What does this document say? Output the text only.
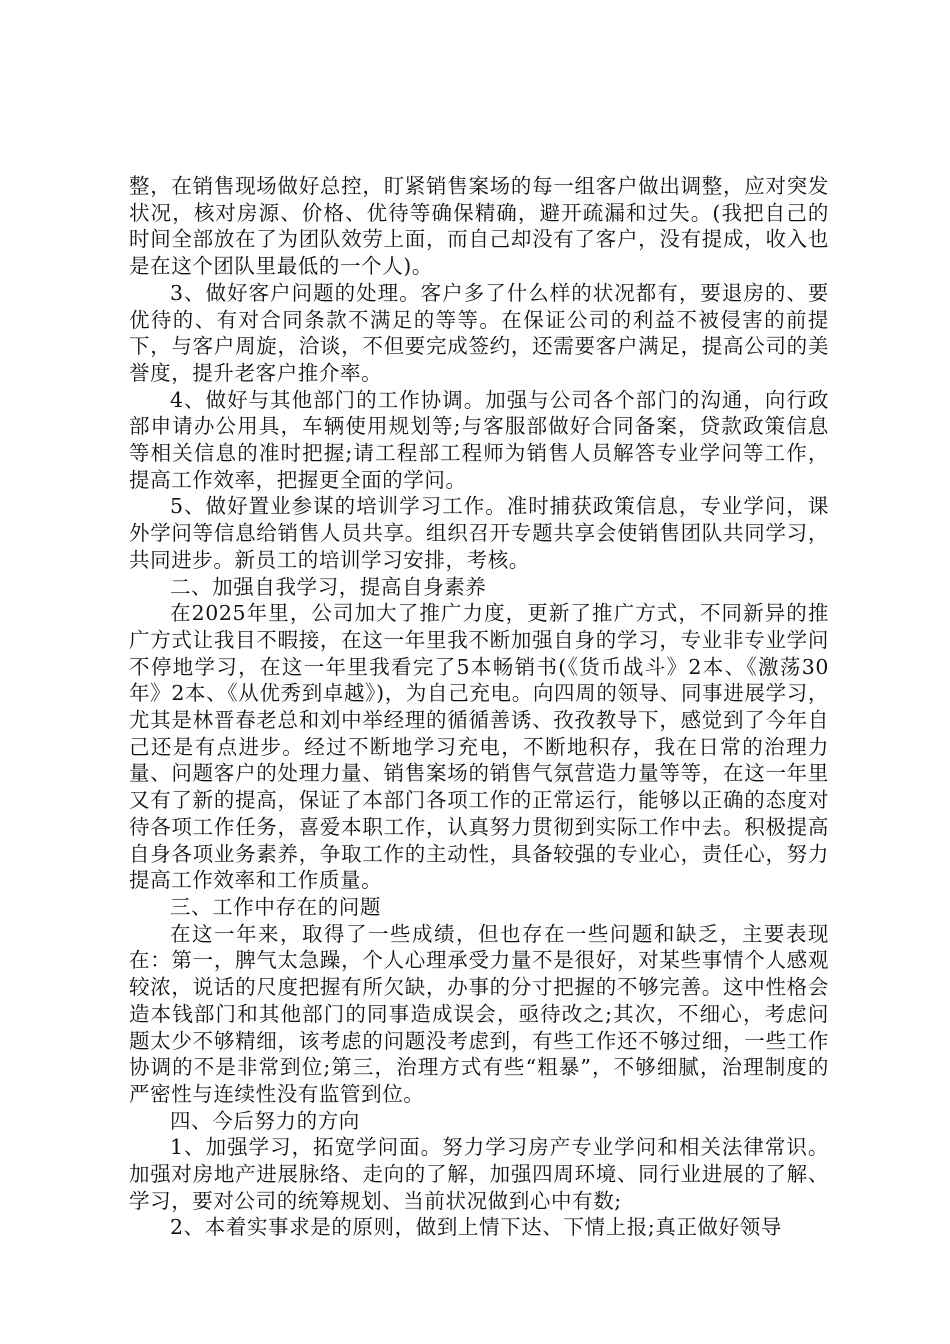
整，在销售现场做好总控，盯紧销售案场的每一组客户做出调整，应对突发状况，核对房源、价格、优待等确保精确，避开疏漏和过失。(我把自己的时间全部放在了为团队效劳上面，而自己却没有了客户，没有提成，收入也是在这个团队里最低的一个人)。

3、做好客户问题的处理。客户多了什么样的状况都有，要退房的、要优待的、有对合同条款不满足的等等。在保证公司的利益不被侵害的前提下，与客户周旋，洽谈，不但要完成签约，还需要客户满足，提高公司的美誉度，提升老客户推介率。

4、做好与其他部门的工作协调。加强与公司各个部门的沟通，向行政部申请办公用具，车辆使用规划等;与客服部做好合同备案，贷款政策信息等相关信息的准时把握;请工程部工程师为销售人员解答专业学问等工作，提高工作效率，把握更全面的学问。

5、做好置业参谋的培训学习工作。准时捕获政策信息，专业学问，课外学问等信息给销售人员共享。组织召开专题共享会使销售团队共同学习，共同进步。新员工的培训学习安排，考核。

二、加强自我学习，提高自身素养

在2025年里，公司加大了推广力度，更新了推广方式，不同新异的推广方式让我目不暇接，在这一年里我不断加强自身的学习，专业非专业学问不停地学习，在这一年里我看完了5本畅销书(《货币战斗》2本、《激荡30年》2本、《从优秀到卓越》)，为自己充电。向四周的领导、同事进展学习，尤其是林晋春老总和刘中举经理的循循善诱、孜孜教导下，感觉到了今年自己还是有点进步。经过不断地学习充电，不断地积存，我在日常的治理力量、问题客户的处理力量、销售案场的销售气氛营造力量等等，在这一年里又有了新的提高，保证了本部门各项工作的正常运行，能够以正确的态度对待各项工作任务，喜爱本职工作，认真努力贯彻到实际工作中去。积极提高自身各项业务素养，争取工作的主动性，具备较强的专业心，责任心，努力提高工作效率和工作质量。

三、工作中存在的问题

在这一年来，取得了一些成绩，但也存在一些问题和缺乏，主要表现在：第一，脾气太急躁，个人心理承受力量不是很好，对某些事情个人感观较浓，说话的尺度把握有所欠缺，办事的分寸把握的不够完善。这中性格会造本钱部门和其他部门的同事造成误会，亟待改之;其次，不细心，考虑问题太少不够精细，该考虑的问题没考虑到，有些工作还不够过细，一些工作协调的不是非常到位;第三，治理方式有些“粗暴”，不够细腻，治理制度的严密性与连续性没有监管到位。

四、今后努力的方向

1、加强学习，拓宽学问面。努力学习房产专业学问和相关法律常识。加强对房地产进展脉络、走向的了解，加强四周环境、同行业进展的了解、学习，要对公司的统筹规划、当前状况做到心中有数;

2、本着实事求是的原则，做到上情下达、下情上报;真正做好领导
